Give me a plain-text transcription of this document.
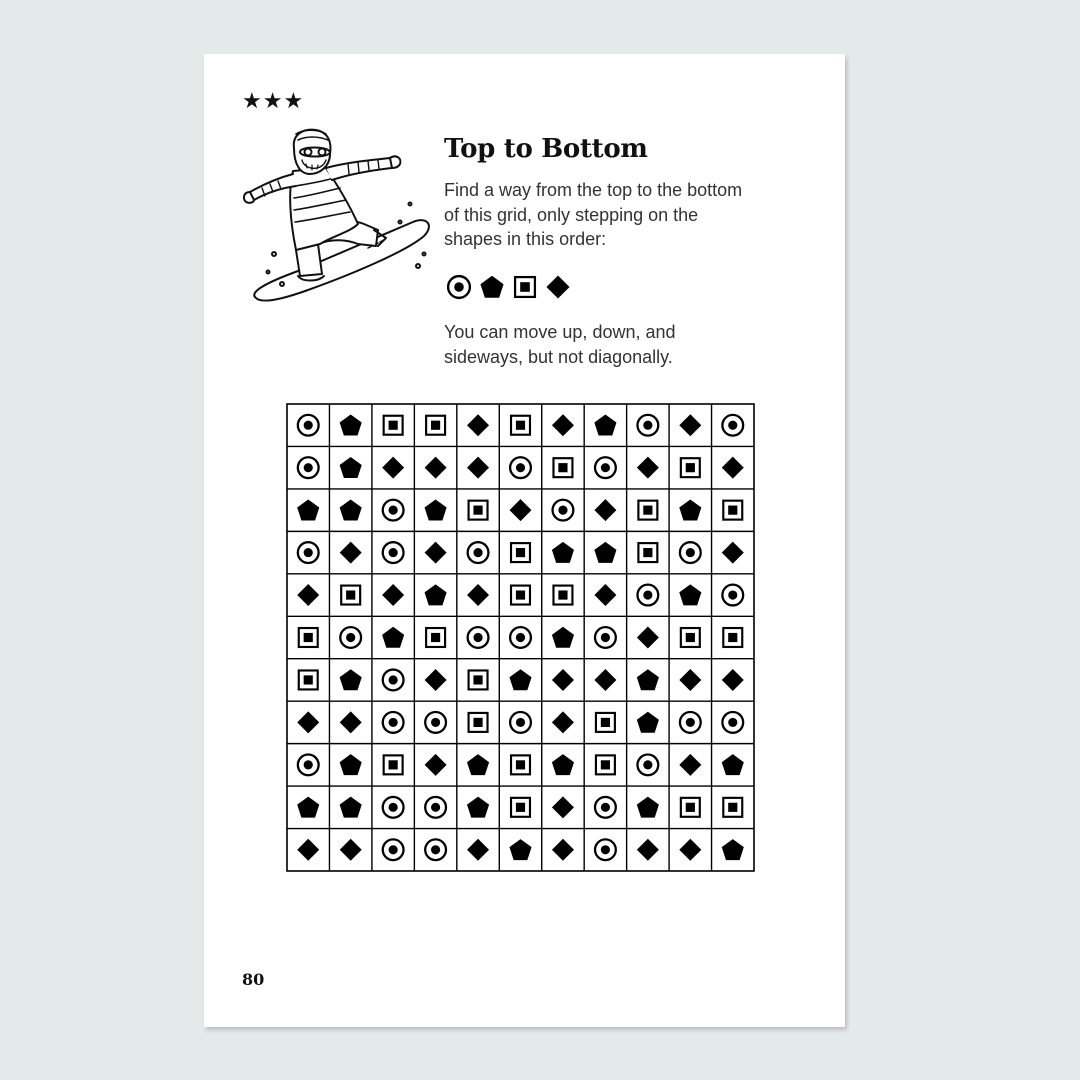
★★★
Top to Bottom
Find a way from the top to the bottom of this grid, only stepping on the shapes in this order:
You can move up, down, and sideways, but not diagonally.
80
